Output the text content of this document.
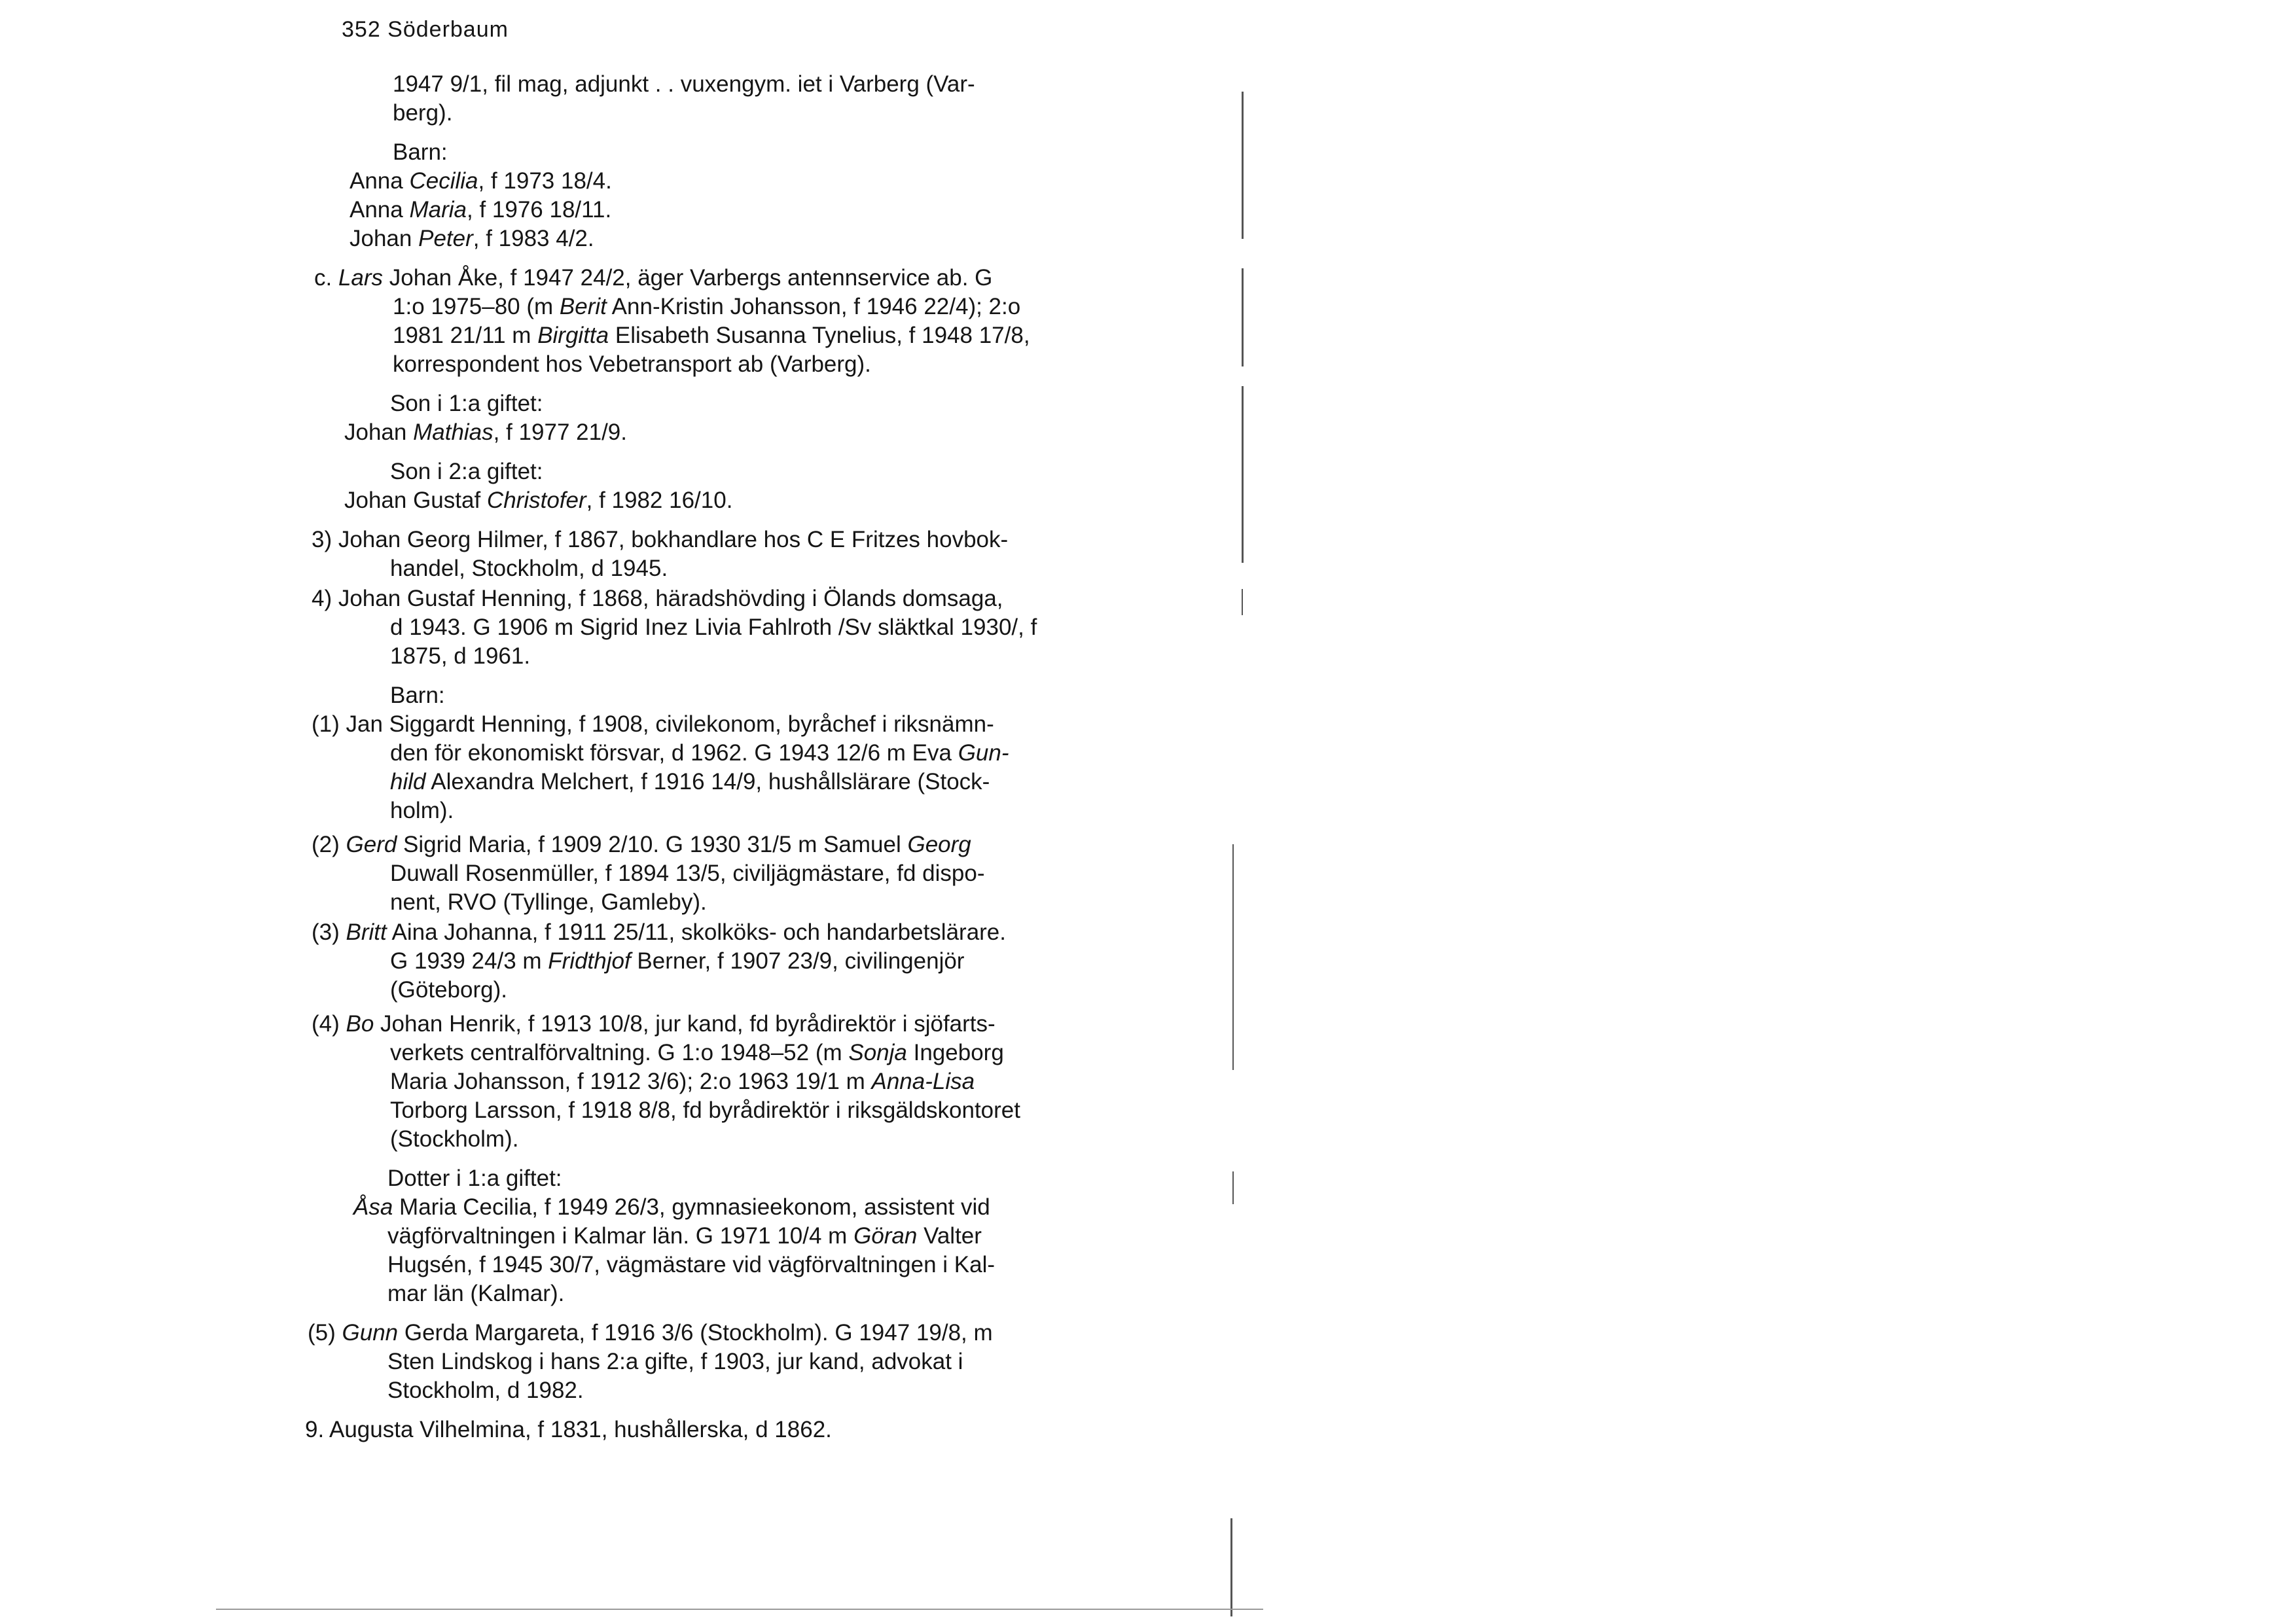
352 Söderbaum
1947 9/1, fil mag, adjunkt . . vuxengym. iet i Varberg (Var-
berg).
Barn:
Anna Cecilia, f 1973 18/4.
Anna Maria, f 1976 18/11.
Johan Peter, f 1983 4/2.
c. Lars Johan Åke, f 1947 24/2, äger Varbergs antennservice ab. G
1:o 1975–80 (m Berit Ann-Kristin Johansson, f 1946 22/4); 2:o
1981 21/11 m Birgitta Elisabeth Susanna Tynelius, f 1948 17/8,
korrespondent hos Vebetransport ab (Varberg).
Son i 1:a giftet:
Johan Mathias, f 1977 21/9.
Son i 2:a giftet:
Johan Gustaf Christofer, f 1982 16/10.
3) Johan Georg Hilmer, f 1867, bokhandlare hos C E Fritzes hovbok-
handel, Stockholm, d 1945.
4) Johan Gustaf Henning, f 1868, häradshövding i Ölands domsaga,
d 1943. G 1906 m Sigrid Inez Livia Fahlroth /Sv släktkal 1930/, f
1875, d 1961.
Barn:
(1) Jan Siggardt Henning, f 1908, civilekonom, byråchef i riksnämn-
den för ekonomiskt försvar, d 1962. G 1943 12/6 m Eva Gun-
hild Alexandra Melchert, f 1916 14/9, hushållslärare (Stock-
holm).
(2) Gerd Sigrid Maria, f 1909 2/10. G 1930 31/5 m Samuel Georg
Duwall Rosenmüller, f 1894 13/5, civiljägmästare, fd dispo-
nent, RVO (Tyllinge, Gamleby).
(3) Britt Aina Johanna, f 1911 25/11, skolköks- och handarbetslärare.
G 1939 24/3 m Fridthjof Berner, f 1907 23/9, civilingenjör
(Göteborg).
(4) Bo Johan Henrik, f 1913 10/8, jur kand, fd byrådirektör i sjöfarts-
verkets centralförvaltning. G 1:o 1948–52 (m Sonja Ingeborg
Maria Johansson, f 1912 3/6); 2:o 1963 19/1 m Anna-Lisa
Torborg Larsson, f 1918 8/8, fd byrådirektör i riksgäldskontoret
(Stockholm).
Dotter i 1:a giftet:
Åsa Maria Cecilia, f 1949 26/3, gymnasieekonom, assistent vid
vägförvaltningen i Kalmar län. G 1971 10/4 m Göran Valter
Hugsén, f 1945 30/7, vägmästare vid vägförvaltningen i Kal-
mar län (Kalmar).
(5) Gunn Gerda Margareta, f 1916 3/6 (Stockholm). G 1947 19/8, m
Sten Lindskog i hans 2:a gifte, f 1903, jur kand, advokat i
Stockholm, d 1982.
9. Augusta Vilhelmina, f 1831, hushållerska, d 1862.
